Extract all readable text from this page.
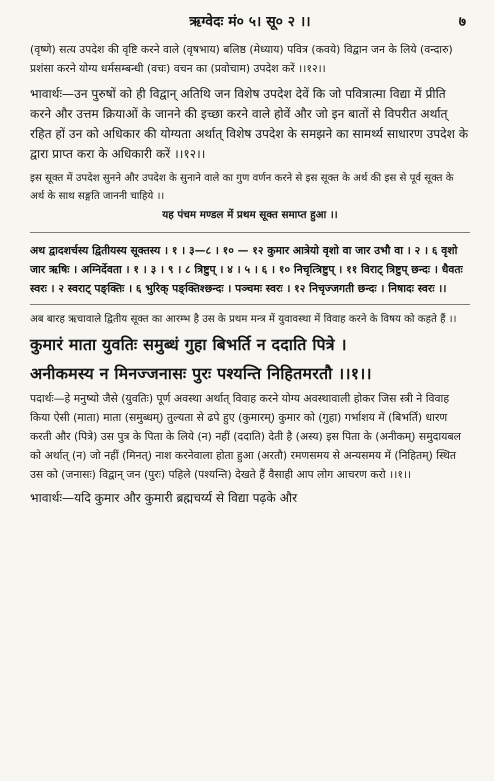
ऋग्वेदः मं० ५। सू० २ ।।	७

(वृष्णे) सत्य उपदेश की वृष्टि करने वाले (वृषभाय) बलिष्ठ (मेध्याय) पवित्र (कवये) विद्वान जन के लिये (वन्दारु) प्रशंसा करने योग्य धर्मसम्बन्धी (वचः) वचन का (प्रवोचाम) उपदेश करें ।।१२।।

भावार्थः—उन पुरुषों को ही विद्वान् अतिथि जन विशेष उपदेश देवें कि जो पवित्रात्मा विद्या में प्रीति करने और उत्तम क्रियाओं के जानने की इच्छा करने वाले होवें और जो इन बातों से विपरीत अर्थात् रहित हों उन को अधिकार की योग्यता अर्थात् विशेष उपदेश के समझने का सामर्थ्य साधारण उपदेश के द्वारा प्राप्त करा के अधिकारी करें ।।१२।।

इस सूक्त में उपदेश सुनने और उपदेश के सुनाने वाले का गुण वर्णन करने से इस सूक्त के अर्थ की इस से पूर्व सूक्त के अर्थ के साथ सङ्गति जाननी चाहिये ।।

यह पंचम मण्डल में प्रथम सूक्त समाप्त हुआ ।।

अथ द्वादशर्चस्य द्वितीयस्य सूक्तस्य । १ । ३—८ । १० — १२ कुमार आत्रेयो वृशो वा जार उभौ वा । २ । ६ वृशो जार ऋषिः । अग्निर्देवता । १ । ३ । ९ । ८ त्रिष्टुप् । ४ । ५ । ६ । १० निचृत्त्रिष्टुप् । ११ विराट् त्रिष्टुप् छन्दः । धैवतः स्वरः । २ स्वराट् पङ्क्तिः । ६ भुरिक् पङ्क्तिश्छन्दः । पञ्चमः स्वरः । १२ निचृज्जगती छन्दः । निषादः स्वरः ।।

अब बारह ऋचावाले द्वितीय सूक्त का आरम्भ है उस के प्रथम मन्त्र में युवावस्था में विवाह करने के विषय को कहते हैं ।।

कुमारं माता युवतिः समुब्धं गुहा बिभर्ति न ददाति पित्रे ।

अनीकमस्य न मिनज्जनासः पुरः पश्यन्ति निहितमरतौ ।।१।।

पदार्थः—हे मनुष्यो जैसे (युवतिः) पूर्ण अवस्था अर्थात् विवाह करने योग्य अवस्थावाली होकर जिस स्त्री ने विवाह किया ऐसी (माता) माता (समुब्धम्) तुल्यता से ढपे हुए (कुमारम्) कुमार को (गुहा) गर्भाशय में (बिभर्ति) धारण करती और (पित्रे) उस पुत्र के पिता के लिये (न) नहीं (ददाति) देती है (अस्य) इस पिता के (अनीकम्) समुदायबल को अर्थात् (न) जो नहीं (मिनत्) नाश करनेवाला होता हुआ (अरतौ) रमणसमय से अन्यसमय में (निहितम्) स्थित उस को (जनासः) विद्वान् जन (पुरः) पहिले (पश्यन्ति) देखते हैं वैसाही आप लोग आचरण करो ।।१।।

भावार्थः—यदि कुमार और कुमारी ब्रह्मचर्य्य से विद्या पढ़के और
